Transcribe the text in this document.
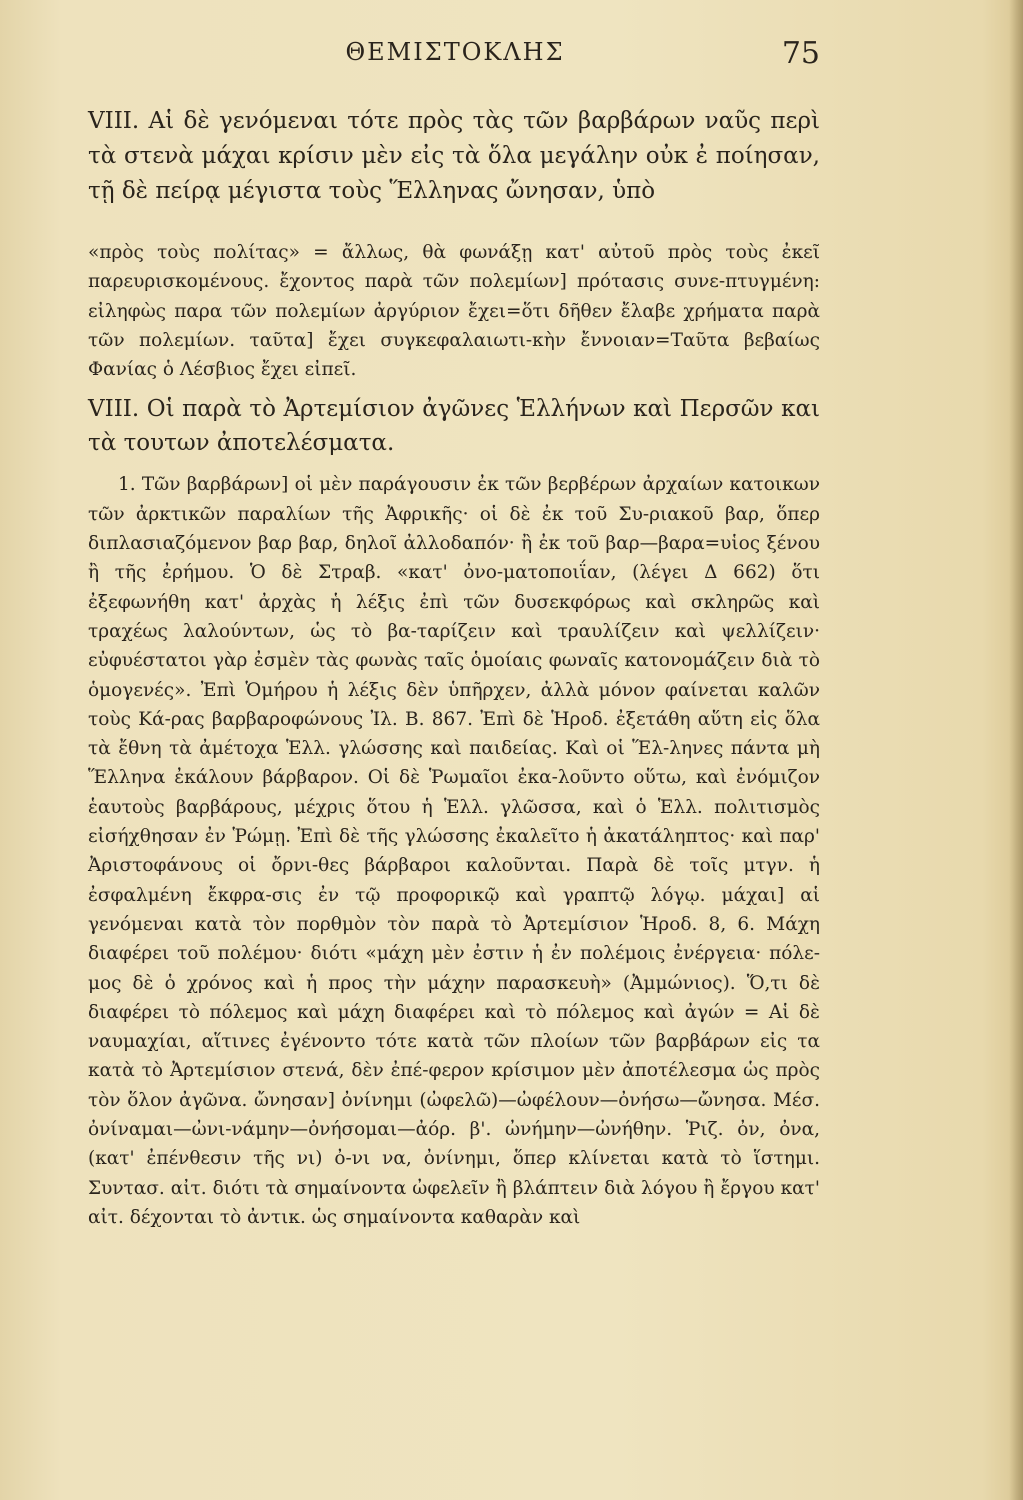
ΘΕΜΙΣΤΟΚΛΗΣ	75

VIII. Αἱ δὲ γενόμεναι τότε πρὸς τὰς τῶν βαρβάρων ναῦς περὶ τὰ στενὰ μάχαι κρίσιν μὲν εἰς τὰ ὅλα μεγάλην οὐκ ἐ ποίησαν, τῇ δὲ πείρᾳ μέγιστα τοὺς Ἕλληνας ὤνησαν, ὑπὸ

«πρὸς τοὺς πολίτας» = ἄλλως, θὰ φωνάξῃ κατ' αὐτοῦ πρὸς τοὺς ἐκεῖ παρευρισκομένους. ἔχοντος παρὰ τῶν πολεμίων] πρότασις συνε-πτυγμένη: εἰληφὼς παρα τῶν πολεμίων ἀργύριον ἔχει=ὅτι δῆθεν ἔλαβε χρήματα παρὰ τῶν πολεμίων. ταῦτα] ἔχει συγκεφαλαιωτι-κὴν ἔννοιαν=Ταῦτα βεβαίως Φανίας ὁ Λέσβιος ἔχει εἰπεῖ.

VIII. Οἱ παρὰ τὸ Ἀρτεμίσιον ἀγῶνες Ἑλλήνων καὶ Περσῶν και τὰ τουτων ἀποτελέσματα.

1. Τῶν βαρβάρων] οἱ μὲν παράγουσιν ἐκ τῶν βερβέρων ἀρχαίων κατοικων τῶν ἀρκτικῶν παραλίων τῆς Ἀφρικῆς· οἱ δὲ ἐκ τοῦ Συ-ριακοῦ βαρ, ὅπερ διπλασιαζόμενον βαρ βαρ, δηλοῖ ἀλλοδαπόν· ἢ ἐκ τοῦ βαρ—βαρα=υἱος ξένου ἢ τῆς ἐρήμου. Ὁ δὲ Στραβ. «κατ' ὀνο-ματοποιΐαν, (λέγει Δ 662) ὅτι ἐξεφωνήθη κατ' ἀρχὰς ἡ λέξις ἐπὶ τῶν δυσεκφόρως καὶ σκληρῶς καὶ τραχέως λαλούντων, ὡς τὸ βα-ταρίζειν καὶ τραυλίζειν καὶ ψελλίζειν· εὐφυέστατοι γὰρ ἐσμὲν τὰς φωνὰς ταῖς ὁμοίαις φωναῖς κατονομάζειν διὰ τὸ ὁμογενές». Ἐπὶ Ὁμήρου ἡ λέξις δὲν ὑπῆρχεν, ἀλλὰ μόνον φαίνεται καλῶν τοὺς Κά-ρας βαρβαροφώνους Ἰλ. Β. 867. Ἐπὶ δὲ Ἡροδ. ἐξετάθη αὕτη εἰς ὅλα τὰ ἔθνη τὰ ἀμέτοχα Ἑλλ. γλώσσης καὶ παιδείας. Καὶ οἱ Ἕλ-ληνες πάντα μὴ Ἕλληνα ἐκάλουν βάρβαρον. Οἱ δὲ Ῥωμαῖοι ἐκα-λοῦντο οὕτω, καὶ ἐνόμιζον ἑαυτοὺς βαρβάρους, μέχρις ὅτου ἡ Ἑλλ. γλῶσσα, καὶ ὁ Ἑλλ. πολιτισμὸς εἰσήχθησαν ἐν Ῥώμῃ. Ἐπὶ δὲ τῆς γλώσσης ἐκαλεῖτο ἡ ἀκατάληπτος· καὶ παρ' Ἀριστοφάνους οἱ ὄρνι-θες βάρβαροι καλοῦνται. Παρὰ δὲ τοῖς μτγν. ἡ ἐσφαλμένη ἔκφρα-σις ἐν τῷ προφορικῷ καὶ γραπτῷ λόγῳ. μάχαι] αἱ γενόμεναι κατὰ τὸν πορθμὸν τὸν παρὰ τὸ Ἀρτεμίσιον Ἡροδ. 8, 6. Μάχη διαφέρει τοῦ πολέμου· διότι «μάχη μὲν ἐστιν ἡ ἐν πολέμοις ἐνέργεια· πόλε-μος δὲ ὁ χρόνος καὶ ἡ προς τὴν μάχην παρασκευὴ» (Ἀμμώνιος). Ὅ,τι δὲ διαφέρει τὸ πόλεμος καὶ μάχη διαφέρει καὶ τὸ πόλεμος καὶ ἀγών = Αἱ δὲ ναυμαχίαι, αἵτινες ἐγένοντο τότε κατὰ τῶν πλοίων τῶν βαρβάρων εἰς τα κατὰ τὸ Ἀρτεμίσιον στενά, δὲν ἐπέ-φερον κρίσιμον μὲν ἀποτέλεσμα ὡς πρὸς τὸν ὅλον ἀγῶνα. ὤνησαν] ὀνίνημι (ὠφελῶ)—ὠφέλουν—ὀνήσω—ὤνησα. Μέσ. ὀνίναμαι—ὠνι-νάμην—ὀνήσομαι—ἀόρ. β'. ὠνήμην—ὠνήθην. Ῥιζ. ὀν, ὀνα, (κατ' ἐπένθεσιν τῆς νι) ὀ-νι να, ὀνίνημι, ὅπερ κλίνεται κατὰ τὸ ἵστημι. Συντασ. αἰτ. διότι τὰ σημαίνοντα ὠφελεῖν ἢ βλάπτειν διὰ λόγου ἢ ἔργου κατ' αἰτ. δέχονται τὸ ἀντικ. ὡς σημαίνοντα καθαρὰν καὶ
